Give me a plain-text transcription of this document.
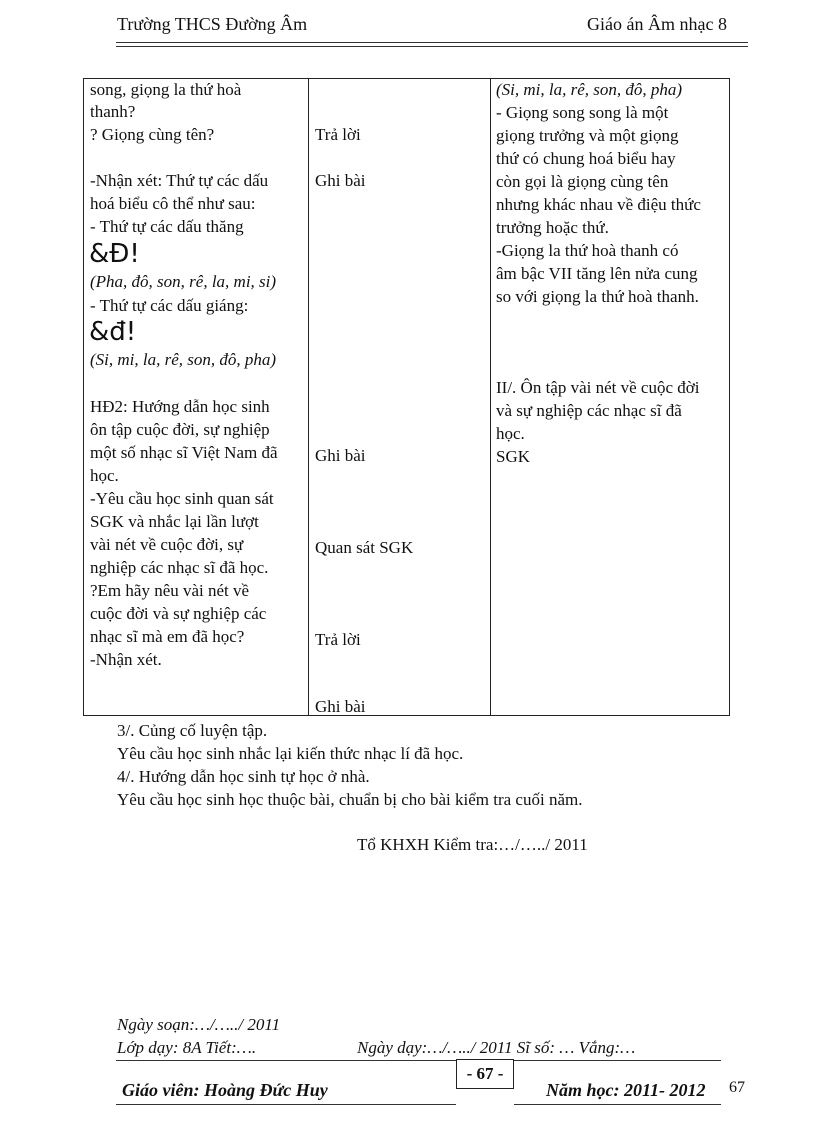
Trường THCS Đường Âm	Giáo án Âm nhạc 8
song, giọng la thứ hoà
thanh?
? Giọng cùng tên?
-Nhận xét: Thứ tự các dấu
hoá biểu cô thể như sau:
- Thứ tự các dấu thăng
&Đ!
(Pha, đô, son, rê, la, mi, si)
- Thứ tự các dấu giáng:
&đ!
(Si, mi, la, rê, son, đô, pha)
HĐ2: Hướng dẫn học sinh
ôn tập cuộc đời, sự nghiệp
một số nhạc sĩ Việt Nam đã
học.
-Yêu cầu học sinh quan sát
SGK và nhắc lại lần lượt
vài nét về cuộc đời, sự
nghiệp các nhạc sĩ đã học.
?Em hãy nêu vài nét về
cuộc đời và sự nghiệp các
nhạc sĩ mà em đã học?
-Nhận xét.
Trả lời
Ghi bài
Ghi bài
Quan sát SGK
Trả lời
Ghi bài
(Si, mi, la, rê, son, đô, pha)
- Giọng song song là một
giọng trưởng và một giọng
thứ có chung hoá biểu hay
còn gọi là giọng cùng tên
nhưng khác nhau về điệu thức
trưởng hoặc thứ.
-Giọng la thứ hoà thanh có
âm bậc VII tăng lên nửa cung
so với giọng la thứ hoà thanh.
II/. Ôn tập vài nét về cuộc đời
và sự nghiệp các nhạc sĩ đã
học.
SGK
3/. Củng cố luyện tập.
Yêu cầu học sinh nhắc lại kiến thức nhạc lí đã học.
4/. Hướng dẫn học sinh tự học ở nhà.
Yêu cầu học sinh học thuộc bài, chuẩn bị cho bài kiểm tra cuối năm.
Tổ KHXH Kiểm tra:…/…../ 2011
Ngày soạn:…/…../ 2011
Lớp dạy: 8A Tiết:….	Ngày dạy:…/…../ 2011 Sĩ số: … Vắng:…
Giáo viên: Hoàng Đức Huy
- 67 -
Năm học: 2011- 2012 67
